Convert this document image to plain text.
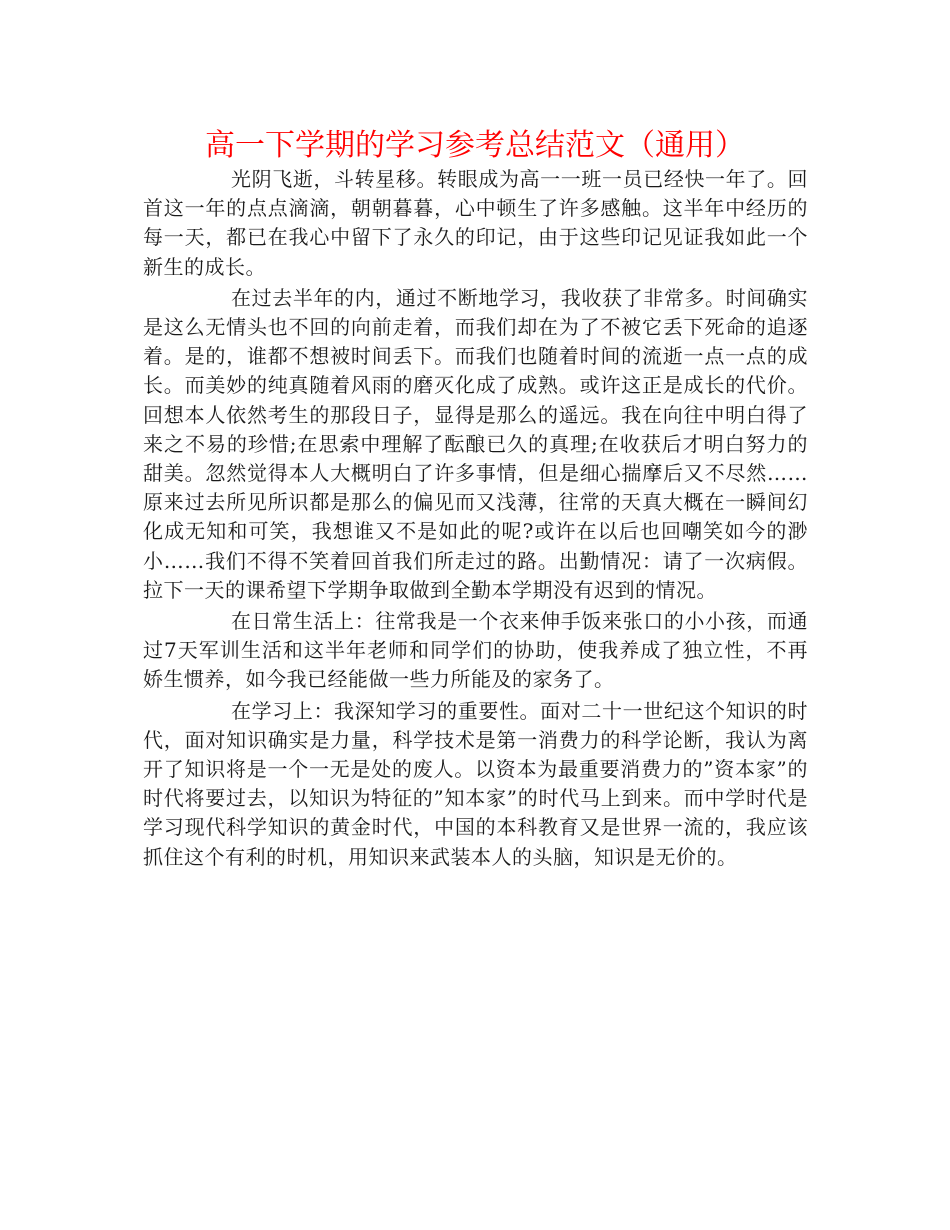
高一下学期的学习参考总结范文（通用）

光阴飞逝，斗转星移。转眼成为高一一班一员已经快一年了。回首这一年的点点滴滴，朝朝暮暮，心中顿生了许多感触。这半年中经历的每一天，都已在我心中留下了永久的印记，由于这些印记见证我如此一个新生的成长。

在过去半年的内，通过不断地学习，我收获了非常多。时间确实是这么无情头也不回的向前走着，而我们却在为了不被它丢下死命的追逐着。是的，谁都不想被时间丢下。而我们也随着时间的流逝一点一点的成长。而美妙的纯真随着风雨的磨灭化成了成熟。或许这正是成长的代价。回想本人依然考生的那段日子，显得是那么的遥远。我在向往中明白得了来之不易的珍惜;在思索中理解了酝酿已久的真理;在收获后才明白努力的甜美。忽然觉得本人大概明白了许多事情，但是细心揣摩后又不尽然……原来过去所见所识都是那么的偏见而又浅薄，往常的天真大概在一瞬间幻化成无知和可笑，我想谁又不是如此的呢?或许在以后也回嘲笑如今的渺小……我们不得不笑着回首我们所走过的路。出勤情况：请了一次病假。拉下一天的课希望下学期争取做到全勤本学期没有迟到的情况。

在日常生活上：往常我是一个衣来伸手饭来张口的小小孩，而通过7天军训生活和这半年老师和同学们的协助，使我养成了独立性，不再娇生惯养，如今我已经能做一些力所能及的家务了。

在学习上：我深知学习的重要性。面对二十一世纪这个知识的时代，面对知识确实是力量，科学技术是第一消费力的科学论断，我认为离开了知识将是一个一无是处的废人。以资本为最重要消费力的”资本家”的时代将要过去，以知识为特征的”知本家”的时代马上到来。而中学时代是学习现代科学知识的黄金时代，中国的本科教育又是世界一流的，我应该抓住这个有利的时机，用知识来武装本人的头脑，知识是无价的。
